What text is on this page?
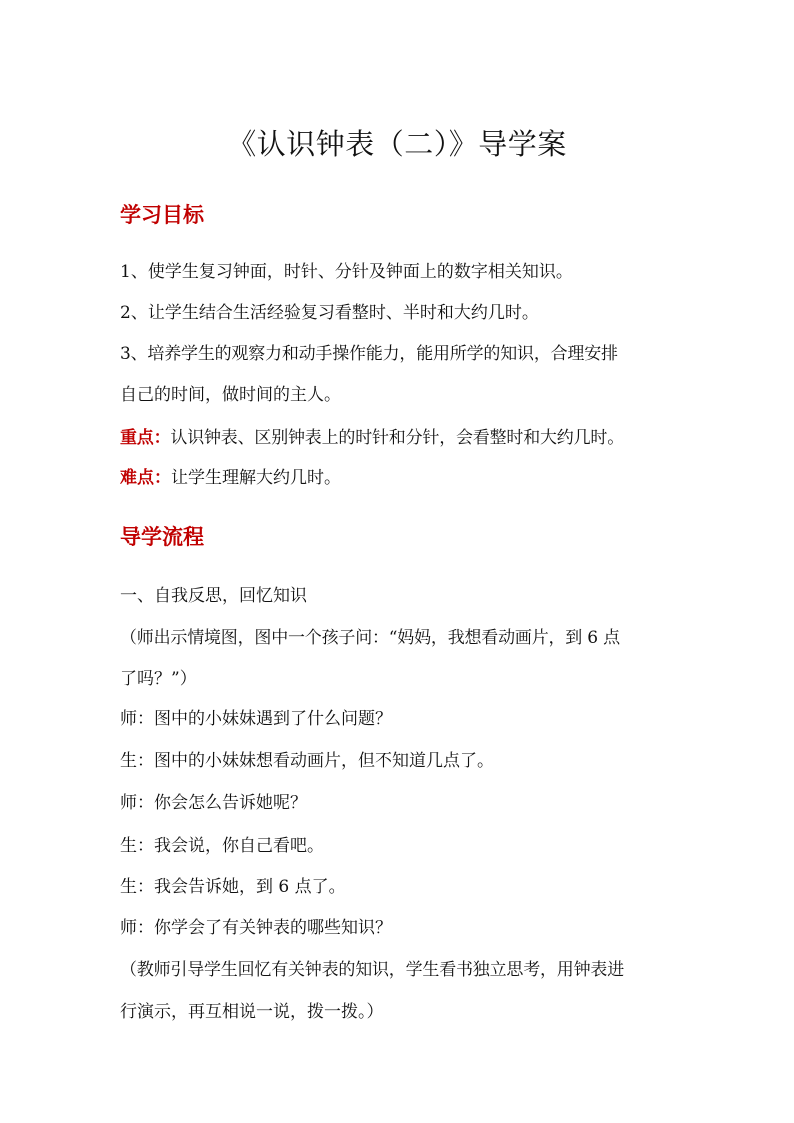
《认识钟表（二）》导学案
学习目标

1、使学生复习钟面，时针、分针及钟面上的数字相关知识。

2、让学生结合生活经验复习看整时、半时和大约几时。

3、培养学生的观察力和动手操作能力，能用所学的知识，合理安排

自己的时间，做时间的主人。

重点：认识钟表、区别钟表上的时针和分针，会看整时和大约几时。

难点：让学生理解大约几时。

导学流程

一、自我反思，回忆知识

（师出示情境图，图中一个孩子问：“妈妈，我想看动画片，到 6 点

了吗？”）

师：图中的小妹妹遇到了什么问题？

生：图中的小妹妹想看动画片，但不知道几点了。

师：你会怎么告诉她呢？

生：我会说，你自己看吧。

生：我会告诉她，到 6 点了。

师：你学会了有关钟表的哪些知识？

（教师引导学生回忆有关钟表的知识，学生看书独立思考，用钟表进

行演示，再互相说一说，拨一拨。）
